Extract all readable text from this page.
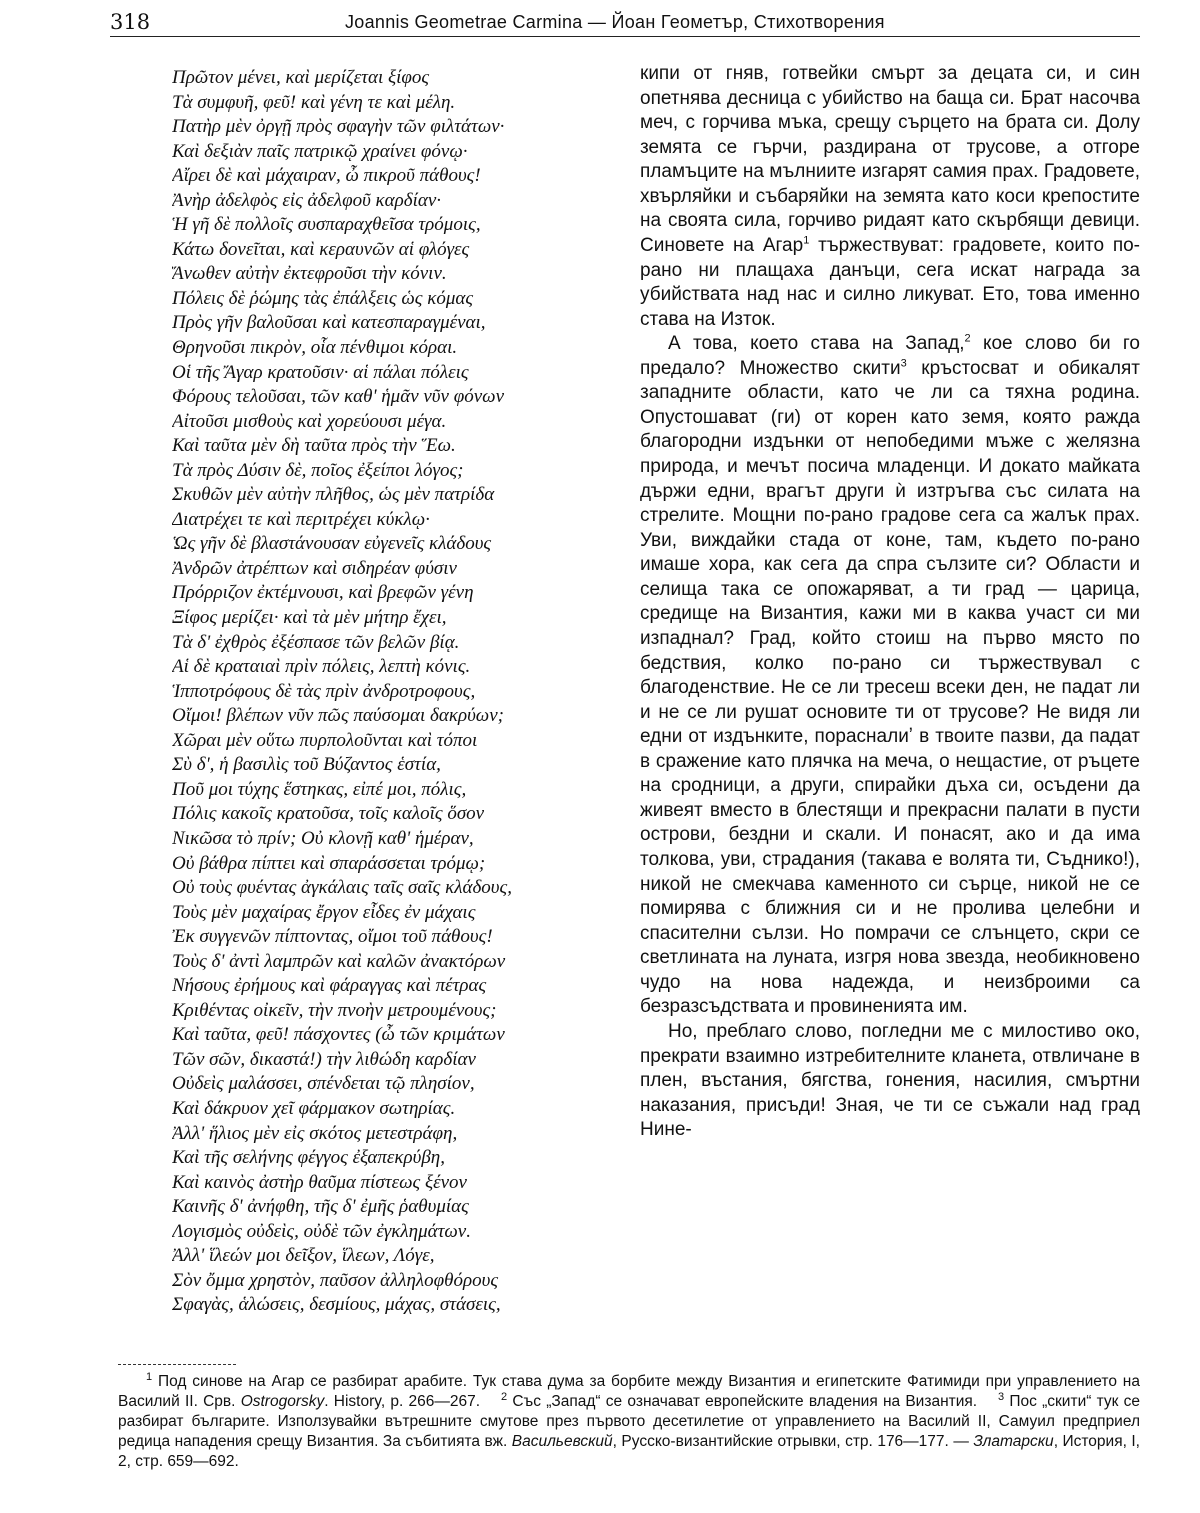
318	Joannis Geometrae Carmina — Йоан Геометър, Стихотворения
Πρῶτον μένει, καὶ μερίζεται ξίφος
Τὰ συμφυῆ, φεῦ! καὶ γένη τε καὶ μέλη.
Πατὴρ μὲν ὀργῇ πρὸς σφαγὴν τῶν φιλτάτων·
Καὶ δεξιὰν παῖς πατρικῷ χραίνει φόνῳ·
Αἴρει δὲ καὶ μάχαιραν, ὦ πικροῦ πάθους!
Ἀνὴρ ἀδελφὸς εἰς ἀδελφοῦ καρδίαν·
Ἡ γῆ δὲ πολλοῖς συσπαραχθεῖσα τρόμοις,
Κάτω δονεῖται, καὶ κεραυνῶν αἱ φλόγες
Ἄνωθεν αὐτὴν ἐκτεφροῦσι τὴν κόνιν.
Πόλεις δὲ ῥώμης τὰς ἐπάλξεις ὡς κόμας
Πρὸς γῆν βαλοῦσαι καὶ κατεσπαραγμέναι,
Θρηνοῦσι πικρὸν, οἷα πένθιμοι κόραι.
Οἱ τῆς Ἄγαρ κρατοῦσιν· αἱ πάλαι πόλεις
Φόρους τελοῦσαι, τῶν καθ' ἡμᾶν νῦν φόνων
Αἰτοῦσι μισθοὺς καὶ χορεύουσι μέγα.
Καὶ ταῦτα μὲν δὴ ταῦτα πρὸς τὴν Ἕω.
Τὰ πρὸς Δύσιν δὲ, ποῖος ἐξείποι λόγος;
Σκυθῶν μὲν αὐτὴν πλῆθος, ὡς μὲν πατρίδα
Διατρέχει τε καὶ περιτρέχει κύκλῳ·
Ὡς γῆν δὲ βλαστάνουσαν εὐγενεῖς κλάδους
Ἀνδρῶν ἀτρέπτων καὶ σιδηρέαν φύσιν
Πρόρριζον ἐκτέμνουσι, καὶ βρεφῶν γένη
Ξίφος μερίζει· καὶ τὰ μὲν μήτηρ ἔχει,
Τὰ δ' ἐχθρὸς ἐξέσπασε τῶν βελῶν βίᾳ.
Αἱ δὲ κραταιαὶ πρὶν πόλεις, λεπτὴ κόνις.
Ἱπποτρόφους δὲ τὰς πρὶν ἀνδροτροφους,
Οἴμοι! βλέπων νῦν πῶς παύσομαι δακρύων;
Χῶραι μὲν οὕτω πυρπολοῦνται καὶ τόποι
Σὺ δ', ἡ βασιλὶς τοῦ Βύζαντος ἑστία,
Ποῦ μοι τύχης ἕστηκας, εἰπέ μοι, πόλις,
Πόλις κακοῖς κρατοῦσα, τοῖς καλοῖς ὅσον
Νικῶσα τὸ πρίν; Οὐ κλονῇ καθ' ἡμέραν,
Οὐ βάθρα πίπτει καὶ σπαράσσεται τρόμῳ;
Οὐ τοὺς φυέντας ἀγκάλαις ταῖς σαῖς κλάδους,
Τοὺς μὲν μαχαίρας ἔργον εἶδες ἐν μάχαις
Ἐκ συγγενῶν πίπτοντας, οἴμοι τοῦ πάθους!
Τοὺς δ' ἀντὶ λαμπρῶν καὶ καλῶν ἀνακτόρων
Νήσους ἐρήμους καὶ φάραγγας καὶ πέτρας
Κριθέντας οἰκεῖν, τὴν πνοὴν μετρουμένους;
Καὶ ταῦτα, φεῦ! πάσχοντες (ὦ τῶν κριμάτων
Τῶν σῶν, δικαστά!) τὴν λιθώδη καρδίαν
Οὐδεὶς μαλάσσει, σπένδεται τῷ πλησίον,
Καὶ δάκρυον χεῖ φάρμακον σωτηρίας.
Ἀλλ' ἥλιος μὲν εἰς σκότος μετεστράφη,
Καὶ τῆς σελήνης φέγγος ἐξαπεκρύβη,
Καὶ καινὸς ἀστὴρ θαῦμα πίστεως ξένον
Καινῆς δ' ἀνήφθη, τῆς δ' ἐμῆς ῥαθυμίας
Λογισμὸς οὐδεὶς, οὐδὲ τῶν ἐγκλημάτων.
Ἀλλ' ἵλεών μοι δεῖξον, ἵλεων, Λόγε,
Σὸν ὄμμα χρηστὸν, παῦσον ἀλληλοφθόρους
Σφαγὰς, ἁλώσεις, δεσμίους, μάχας, στάσεις,

кипи от гняв, готвейки смърт за децата си, и син опетнява десница с убийство на баща си. Брат насочва меч, с горчива мъка, срещу сърцето на брата си. Долу земята се гърчи, раздирана от трусове, а отгоре пламъците на мълниите изгарят самия прах. Градовете, хвърляйки и събаряйки на земята като коси крепостите на своята сила, горчиво ридаят като скърбящи девици. Синовете на Агар$^1$ тържествуват: градовете, които по-рано ни плащаха данъци, сега искат награда за убийствата над нас и силно ликуват. Ето, това именно става на Изток.

А това, което става на Запад,$^2$ кое слово би го предало? Множество скити$^3$ кръстосват и обикалят западните области, като че ли са тяхна родина. Опустошават (ги) от корен като земя, която ражда благородни издънки от непобедими мъже с желязна природа, и мечът посича младенци. И докато майката държи едни, врагът други ѝ изтръгва със силата на стрелите. Мощни по-рано градове сега са жалък прах. Уви, виждайки стада от коне, там, където по-рано имаше хора, как сега да спра сълзите си? Области и селища така се опожаряват, а ти град — царица, средище на Византия, кажи ми в каква участ си ми изпаднал? Град, който стоиш на първо място по бедствия, колко по-рано си тържествувал с благоденствие. Не се ли тресеш всеки ден, не падат ли и не се ли рушат основите ти от трусове? Не видя ли едни от издънките, порасналиʼ в твоите пазви, да падат в сражение като плячка на меча, о нещастие, от ръцете на сродници, а други, спирайки дъха си, осъдени да живеят вместо в блестящи и прекрасни палати в пусти острови, бездни и скали. И понасят, ако и да има толкова, уви, страдания (такава е волята ти, Съднико!), никой не смекчава каменното си сърце, никой не се помирява с ближния си и не пролива целебни и спасителни сълзи. Но помрачи се слънцето, скри се светлината на луната, изгря нова звезда, необикновено чудо на нова надежда, и неизброими са безразсъдствата и провиненията им.

Но, преблаго слово, погледни ме с милостиво око, прекрати взаимно изтребителните кланета, отвличане в плен, въстания, бягства, гонения, насилия, смъртни наказания, присъди! Зная, че ти се съжали над град Нине-

$^1$ Под синове на Агар се разбират арабите. Тук става дума за борбите между Византия и египетските Фатимиди при управлението на Василий II. Срв. Ostrogorsky. History, p. 266—267. $^2$ Със „Запад“ се означават европейските владения на Византия. $^3$ Пос „скити“ тук се разбират българите. Използувайки вътрешните смутове през първото десетилетие от управлението на Василий II, Самуил предприел редица нападения срещу Византия. За събитията вж. Васильевский, Русско-византийские отрывки, стр. 176—177. — Златарски, История, I, 2, стр. 659—692.
